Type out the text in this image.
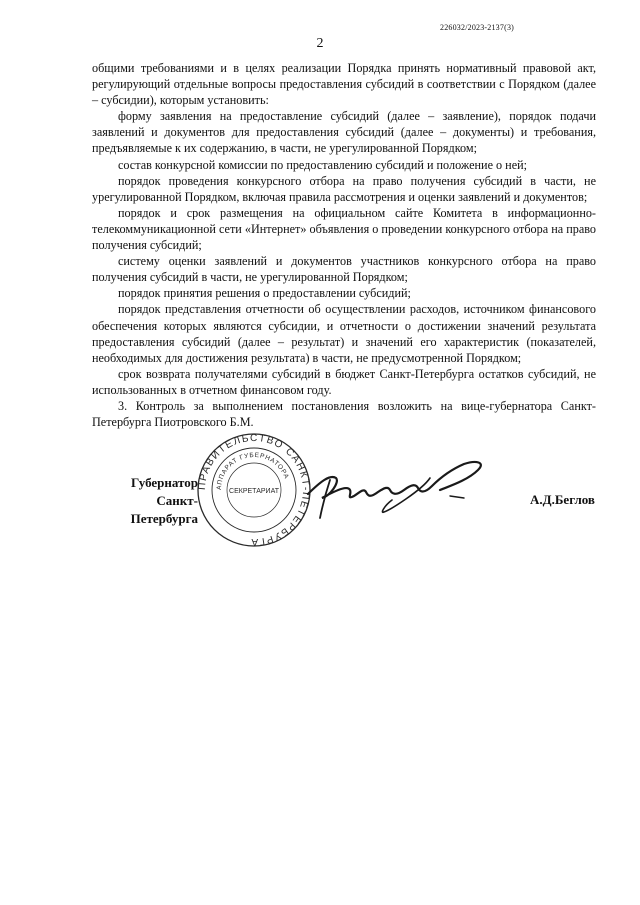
226032/2023-2137(3)
2

общими требованиями и в целях реализации Порядка принять нормативный правовой акт, регулирующий отдельные вопросы предоставления субсидий в соответствии с Порядком (далее – субсидии), которым установить:

форму заявления на предоставление субсидий (далее – заявление), порядок подачи заявлений и документов для предоставления субсидий (далее – документы) и требования, предъявляемые к их содержанию, в части, не урегулированной Порядком;

состав конкурсной комиссии по предоставлению субсидий и положение о ней;

порядок проведения конкурсного отбора на право получения субсидий в части, не урегулированной Порядком, включая правила рассмотрения и оценки заявлений и документов;

порядок и срок размещения на официальном сайте Комитета в информационно-телекоммуникационной сети «Интернет» объявления о проведении конкурсного отбора на право получения субсидий;

систему оценки заявлений и документов участников конкурсного отбора на право получения субсидий в части, не урегулированной Порядком;

порядок принятия решения о предоставлении субсидий;

порядок представления отчетности об осуществлении расходов, источником финансового обеспечения которых являются субсидии, и отчетности о достижении значений результата предоставления субсидий (далее – результат) и значений его характеристик (показателей, необходимых для достижения результата) в части, не предусмотренной Порядком;

срок возврата получателями субсидий в бюджет Санкт-Петербурга остатков субсидий, не использованных в отчетном финансовом году.

3. Контроль за выполнением постановления возложить на вице-губернатора Санкт-Петербурга Пиотровского Б.М.

Губернатор
Санкт-Петербурга
ПРАВИТЕЛЬСТВО САНКТ-ПЕТЕРБУРГА
АППАРАТ ГУБЕРНАТОРА
СЕКРЕТАРИАТ
А.Д.Беглов
